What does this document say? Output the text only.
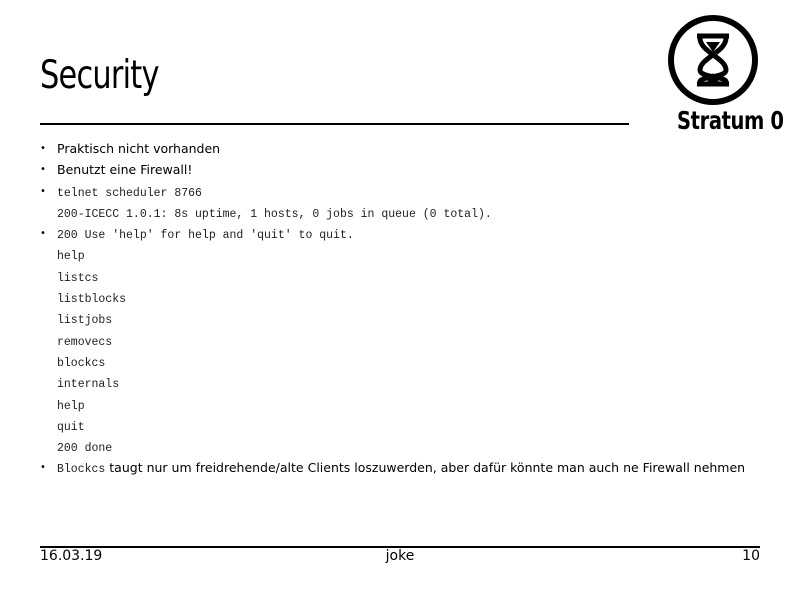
Security
Stratum 0
• Praktisch nicht vorhanden
• Benutzt eine Firewall!
• telnet scheduler 8766
200-ICECC 1.0.1: 8s uptime, 1 hosts, 0 jobs in queue (0 total).
• 200 Use 'help' for help and 'quit' to quit.
help
listcs
listblocks
listjobs
removecs
blockcs
internals
help
quit
200 done
• Blockcs taugt nur um freidrehende/alte Clients loszuwerden, aber dafür könnte man auch ne Firewall nehmen
16.03.19	joke	10
